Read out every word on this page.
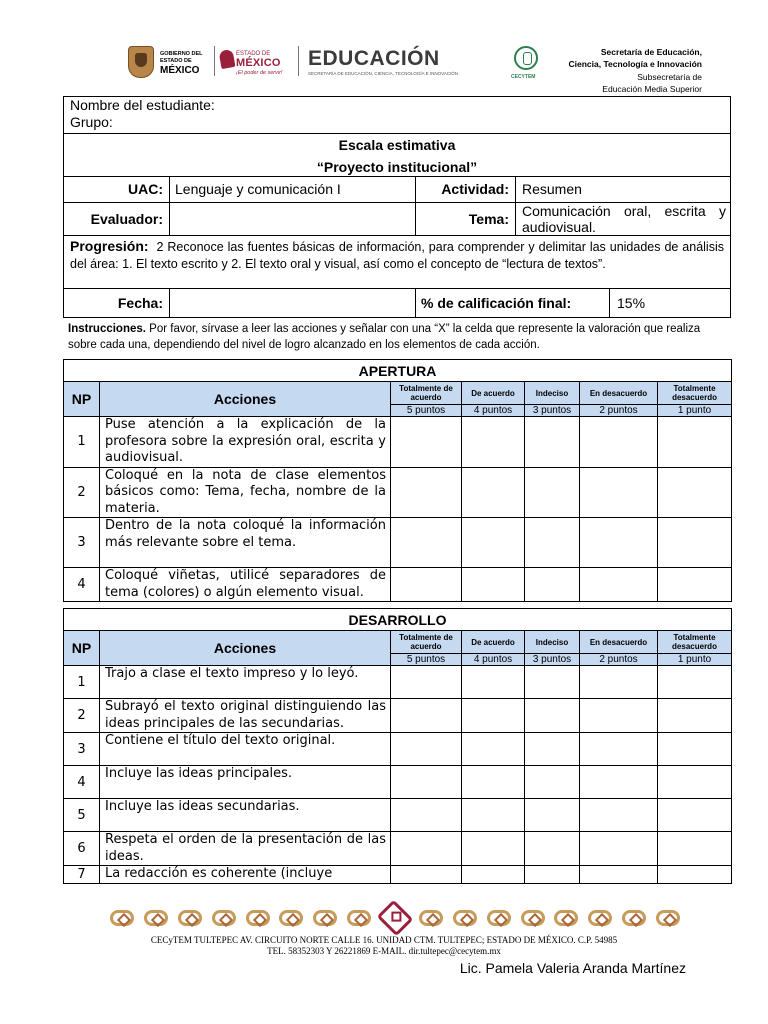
GOBIERNO DEL
ESTADO DE
MÉXICO
ESTADO DE
MÉXICO
¡El poder de servir!
EDUCACIÓN
SECRETARÍA DE EDUCACIÓN, CIENCIA, TECNOLOGÍA E INNOVACIÓN
CECYTEM
Secretaría de Educación,
Ciencia, Tecnología e Innovación
Subsecretaría de
Educación Media Superior
Nombre del estudiante:
Grupo:
Escala estimativa
“Proyecto institucional”
UAC: Lenguaje y comunicación I	Actividad: Resumen
Evaluador:	Tema: Comunicación oral, escrita y audiovisual.
Progresión: 2 Reconoce las fuentes básicas de información, para comprender y delimitar las unidades de análisis del área: 1. El texto escrito y 2. El texto oral y visual, así como el concepto de “lectura de textos”.
Fecha:	% de calificación final:	15%
Instrucciones. Por favor, sírvase a leer las acciones y señalar con una “X” la celda que represente la valoración que realiza sobre cada una, dependiendo del nivel de logro alcanzado en los elementos de cada acción.
APERTURA						
NP	Acciones	Totalmente de acuerdo	De acuerdo	Indeciso	En desacuerdo	Totalmente desacuerdo
		5 puntos	4 puntos	3 puntos	2 puntos	1 punto
1	Puse atención a la explicación de la profesora sobre la expresión oral, escrita y audiovisual.					
2	Coloqué en la nota de clase elementos básicos como: Tema, fecha, nombre de la materia.					
3	Dentro de la nota coloqué la información más relevante sobre el tema.					
4	Coloqué viñetas, utilicé separadores de tema (colores) o algún elemento visual.					
DESARROLLO						
NP	Acciones	Totalmente de acuerdo	De acuerdo	Indeciso	En desacuerdo	Totalmente desacuerdo
		5 puntos	4 puntos	3 puntos	2 puntos	1 punto
1	Trajo a clase el texto impreso y lo leyó.					
2	Subrayó el texto original distinguiendo las ideas principales de las secundarias.					
3	Contiene el título del texto original.					
4	Incluye las ideas principales.					
5	Incluye las ideas secundarias.					
6	Respeta el orden de la presentación de las ideas.					
7	La redacción es coherente (incluye					
CECyTEM TULTEPEC AV. CIRCUITO NORTE CALLE 16. UNIDAD CTM. TULTEPEC; ESTADO DE MÉXICO. C.P. 54985
TEL. 58352303 Y 26221869 E-MAIL. dir.tultepec@cecytem.mx
Lic. Pamela Valeria Aranda Martínez
